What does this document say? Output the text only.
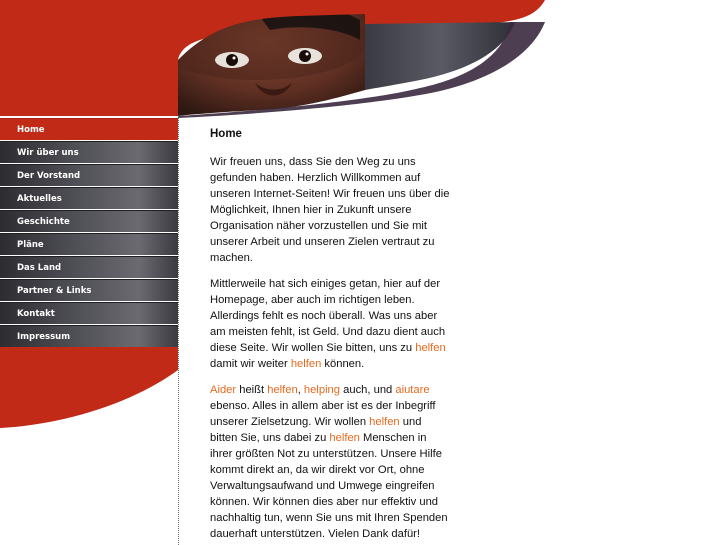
Home
Wir über uns
Der Vorstand
Aktuelles
Geschichte
Pläne
Das Land
Partner & Links
Kontakt
Impressum
Home

Wir freuen uns, dass Sie den Weg zu uns gefunden haben. Herzlich Willkommen auf unseren Internet-Seiten! Wir freuen uns über die Möglichkeit, Ihnen hier in Zukunft unsere Organisation näher vorzustellen und Sie mit unserer Arbeit und unseren Zielen vertraut zu machen.

Mittlerweile hat sich einiges getan, hier auf der Homepage, aber auch im richtigen leben. Allerdings fehlt es noch überall. Was uns aber am meisten fehlt, ist Geld. Und dazu dient auch diese Seite. Wir wollen Sie bitten, uns zu helfen damit wir weiter helfen können.

Aider heißt helfen, helping auch, und aiutare ebenso. Alles in allem aber ist es der Inbegriff unserer Zielsetzung. Wir wollen helfen und bitten Sie, uns dabei zu helfen Menschen in ihrer größten Not zu unterstützen. Unsere Hilfe kommt direkt an, da wir direkt vor Ort, ohne Verwaltungsaufwand und Umwege eingreifen können. Wir können dies aber nur effektiv und nachhaltig tun, wenn Sie uns mit Ihren Spenden dauerhaft unterstützen. Vielen Dank dafür!
